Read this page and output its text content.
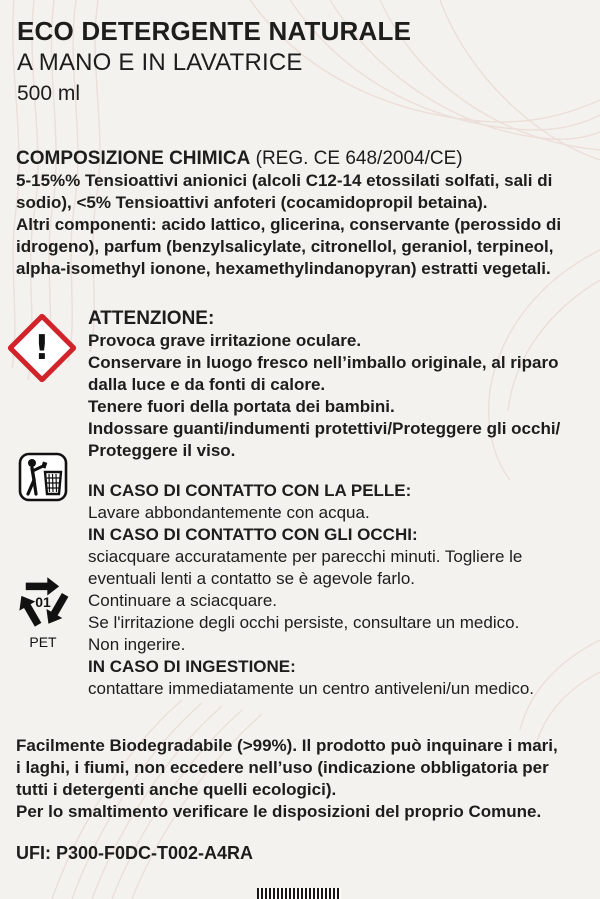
ECO DETERGENTE NATURALE
A MANO E IN LAVATRICE
500 ml
COMPOSIZIONE CHIMICA (REG. CE 648/2004/CE)
5-15%% Tensioattivi anionici (alcoli C12-14 etossilati solfati, sali di
sodio), <5% Tensioattivi anfoteri (cocamidopropil betaina).
Altri componenti: acido lattico, glicerina, conservante (perossido di
idrogeno), parfum (benzylsalicylate, citronellol, geraniol, terpineol,
alpha-isomethyl ionone, hexamethylindanopyran) estratti vegetali.
!
ATTENZIONE:
Provoca grave irritazione oculare.
Conservare in luogo fresco nell’imballo originale, al riparo
dalla luce e da fonti di calore.
Tenere fuori della portata dei bambini.
Indossare guanti/indumenti protettivi/Proteggere gli occhi/
Proteggere il viso.
IN CASO DI CONTATTO CON LA PELLE:
Lavare abbondantemente con acqua.
IN CASO DI CONTATTO CON GLI OCCHI:
sciacquare accuratamente per parecchi minuti. Togliere le
eventuali lenti a contatto se è agevole farlo.
Continuare a sciacquare.
Se l'irritazione degli occhi persiste, consultare un medico.
Non ingerire.
IN CASO DI INGESTIONE:
contattare immediatamente un centro antiveleni/un medico.
01
PET
Facilmente Biodegradabile (>99%). Il prodotto può inquinare i mari,
i laghi, i fiumi, non eccedere nell’uso (indicazione obbligatoria per
tutti i detergenti anche quelli ecologici).
Per lo smaltimento verificare le disposizioni del proprio Comune.
UFI: P300-F0DC-T002-A4RA
